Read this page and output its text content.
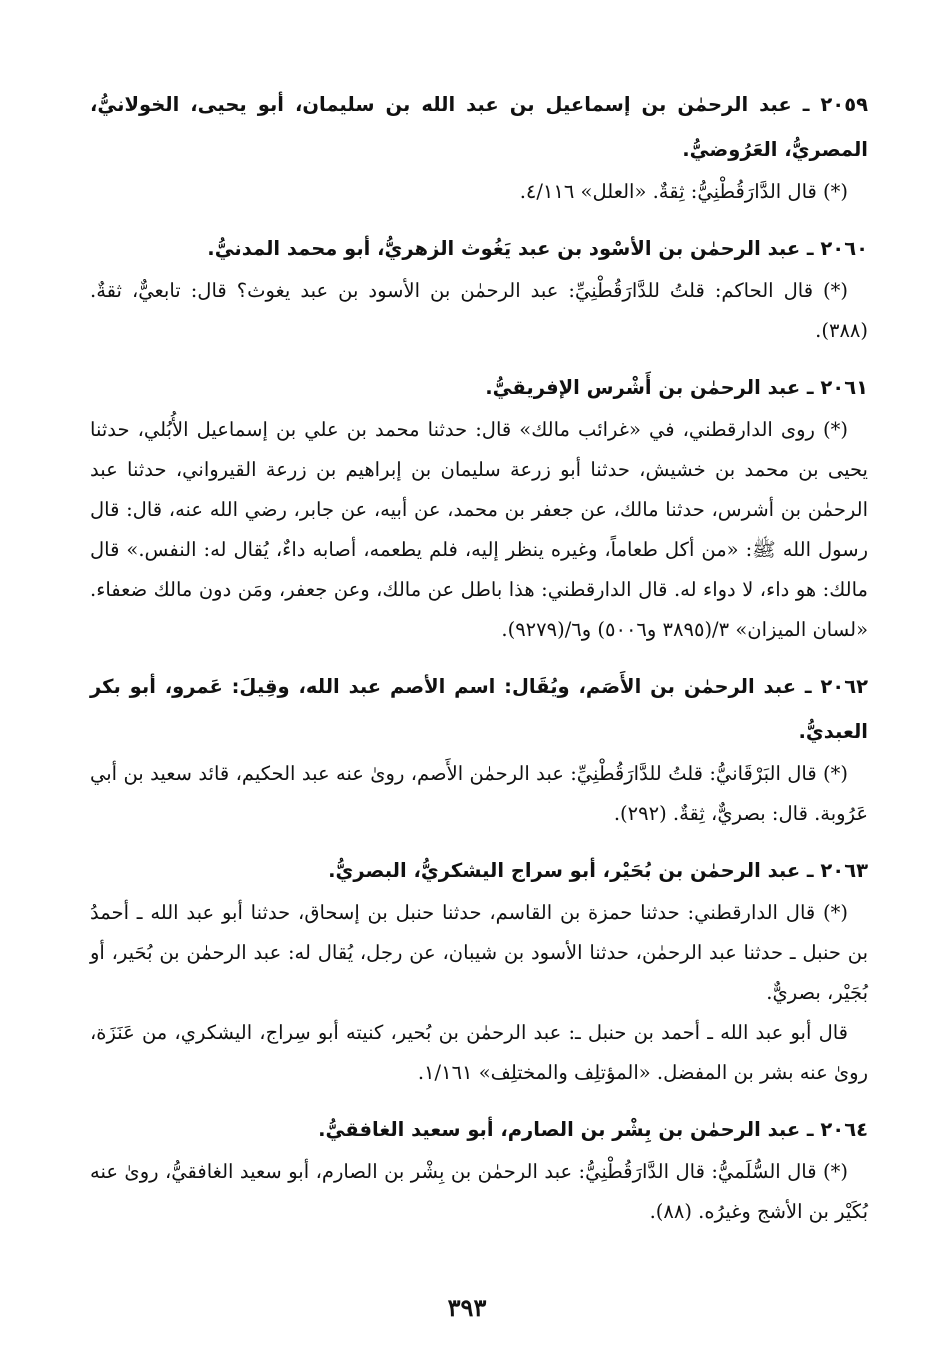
٢٠٥٩ ـ عبد الرحمٰن بن إسماعيل بن عبد الله بن سليمان، أبو يحيى، الخولانيُّ، المصريُّ، العَرُوضيُّ.

(*) قال الدَّارَقُطْنِيُّ: ثِقةٌ. «العلل» ٤/١١٦.

٢٠٦٠ ـ عبد الرحمٰن بن الأسْود بن عبد يَغُوث الزهريُّ، أبو محمد المدنيُّ.

(*) قال الحاكم: قلتُ للدَّارَقُطْنِيِّ: عبد الرحمٰن بن الأسود بن عبد يغوث؟ قال: تابعيٌّ، ثقةٌ. (٣٨٨).

٢٠٦١ ـ عبد الرحمٰن بن أَشْرس الإفريقيُّ.

(*) روى الدارقطني، في «غرائب مالك» قال: حدثنا محمد بن علي بن إسماعيل الأُبُلي، حدثنا يحيى بن محمد بن خشيش، حدثنا أبو زرعة سليمان بن إبراهيم بن زرعة القيرواني، حدثنا عبد الرحمٰن بن أشرس، حدثنا مالك، عن جعفر بن محمد، عن أبيه، عن جابر، رضي الله عنه، قال: قال رسول الله ﷺ: «من أكل طعاماً، وغيره ينظر إليه، فلم يطعمه، أصابه داءٌ، يُقال له: النفس.» قال مالك: هو داء، لا دواء له. قال الدارقطني: هذا باطل عن مالك، وعن جعفر، ومَن دون مالك ضعفاء. «لسان الميزان» ٣/(٣٨٩٥ و٥٠٠٦) و٦/(٩٢٧٩).

٢٠٦٢ ـ عبد الرحمٰن بن الأَصَم، ويُقَال: اسم الأصم عبد الله، وقِيلَ: عَمرو، أبو بكر العبديُّ.

(*) قال البَرْقَانيُّ: قلتُ للدَّارَقُطْنِيِّ: عبد الرحمٰن الأَصم، روىٰ عنه عبد الحكيم، قائد سعيد بن أبي عَرُوبة. قال: بصريٌّ، ثِقةٌ. (٢٩٢).

٢٠٦٣ ـ عبد الرحمٰن بن بُحَيْر، أبو سراج اليشكريُّ، البصريُّ.

(*) قال الدارقطني: حدثنا حمزة بن القاسم، حدثنا حنبل بن إسحاق، حدثنا أبو عبد الله ـ أحمدُ بن حنبل ـ حدثنا عبد الرحمٰن، حدثنا الأسود بن شيبان، عن رجل، يُقال له: عبد الرحمٰن بن بُحَير، أو بُجَيْر، بصريٌّ.

قال أبو عبد الله ـ أحمد بن حنبل ـ: عبد الرحمٰن بن بُحير، كنيته أبو سِراج، اليشكري، من عَنَزَة، روىٰ عنه بشر بن المفضل. «المؤتلِف والمختلِف» ١/١٦١.

٢٠٦٤ ـ عبد الرحمٰن بن بِشْر بن الصارم، أبو سعيد الغافقيُّ.

(*) قال السُّلَميُّ: قال الدَّارَقُطْنِيُّ: عبد الرحمٰن بن بِشْر بن الصارم، أبو سعيد الغافقيُّ، روىٰ عنه بُكَيْر بن الأشج وغيرُه. (٨٨).

٣٩٣
